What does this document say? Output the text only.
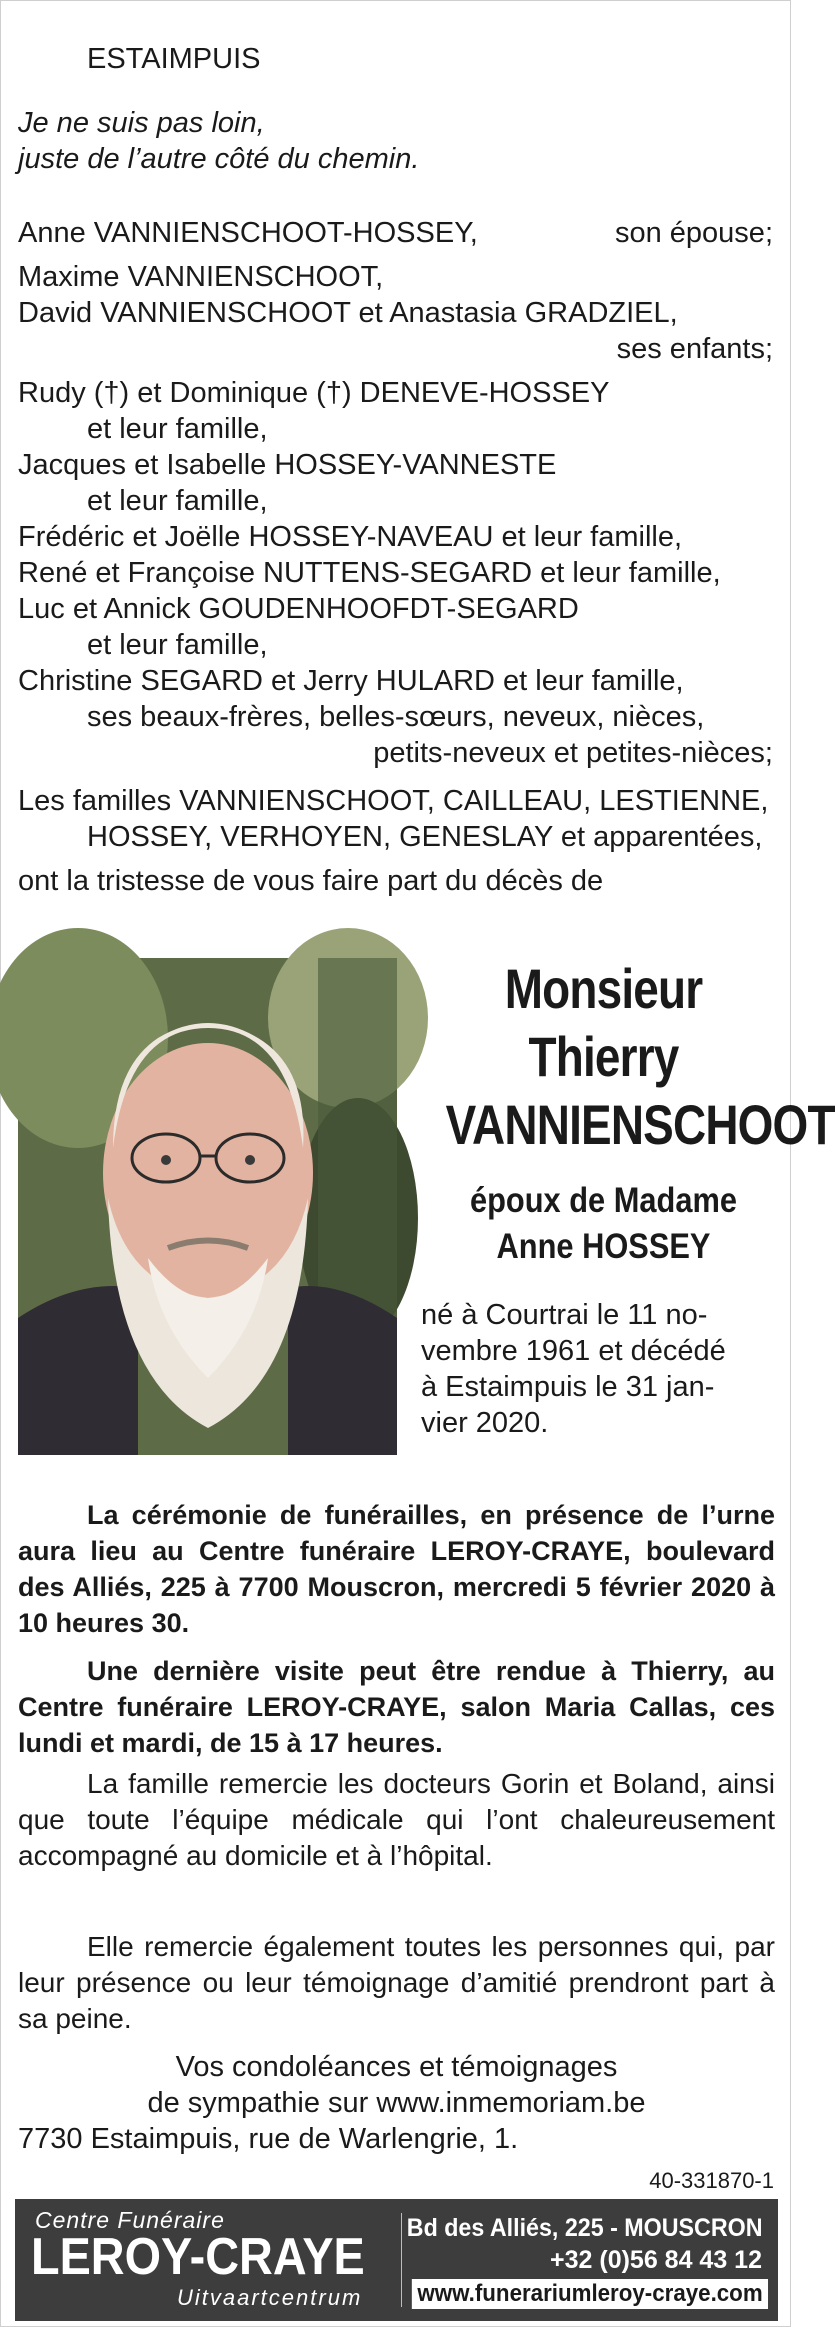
ESTAIMPUIS
Je ne suis pas loin,
juste de l’autre côté du chemin.
Anne VANNIENSCHOOT-HOSSEY,	son épouse;
Maxime VANNIENSCHOOT,
David VANNIENSCHOOT et Anastasia GRADZIEL,
ses enfants;
Rudy (†) et Dominique (†) DENEVE-HOSSEY
et leur famille,
Jacques et Isabelle HOSSEY-VANNESTE
et leur famille,
Frédéric et Joëlle HOSSEY-NAVEAU et leur famille,
René et Françoise NUTTENS-SEGARD et leur famille,
Luc et Annick GOUDENHOOFDT-SEGARD
et leur famille,
Christine SEGARD et Jerry HULARD et leur famille,
ses beaux-frères, belles-sœurs, neveux, nièces,
petits-neveux et petites-nièces;
Les familles VANNIENSCHOOT, CAILLEAU, LESTIENNE,
HOSSEY, VERHOYEN, GENESLAY et apparentées,
ont la tristesse de vous faire part du décès de
Monsieur
Thierry
VANNIENSCHOOT
époux de Madame
Anne HOSSEY
né à Courtrai le 11 no-
vembre 1961 et décédé
à Estaimpuis le 31 jan-
vier 2020.
La cérémonie de funérailles, en présence de l’urne aura lieu au Centre funéraire LEROY-CRAYE, boulevard des Alliés, 225 à 7700 Mouscron, mercredi 5 février 2020 à 10 heures 30.
Une dernière visite peut être rendue à Thierry, au Centre funéraire LEROY-CRAYE, salon Maria Callas, ces lundi et mardi, de 15 à 17 heures.
La famille remercie les docteurs Gorin et Boland, ainsi que toute l’équipe médicale qui l’ont chaleureusement accompagné au domicile et à l’hôpital.
Elle remercie également toutes les personnes qui, par leur présence ou leur témoignage d’amitié prendront part à sa peine.
Vos condoléances et témoignages
de sympathie sur www.inmemoriam.be
7730 Estaimpuis, rue de Warlengrie, 1.
40-331870-1
Centre Funéraire
LEROY-CRAYE
Uitvaartcentrum
Bd des Alliés, 225 - MOUSCRON
+32 (0)56 84 43 12
www.funerariumleroy-craye.com
